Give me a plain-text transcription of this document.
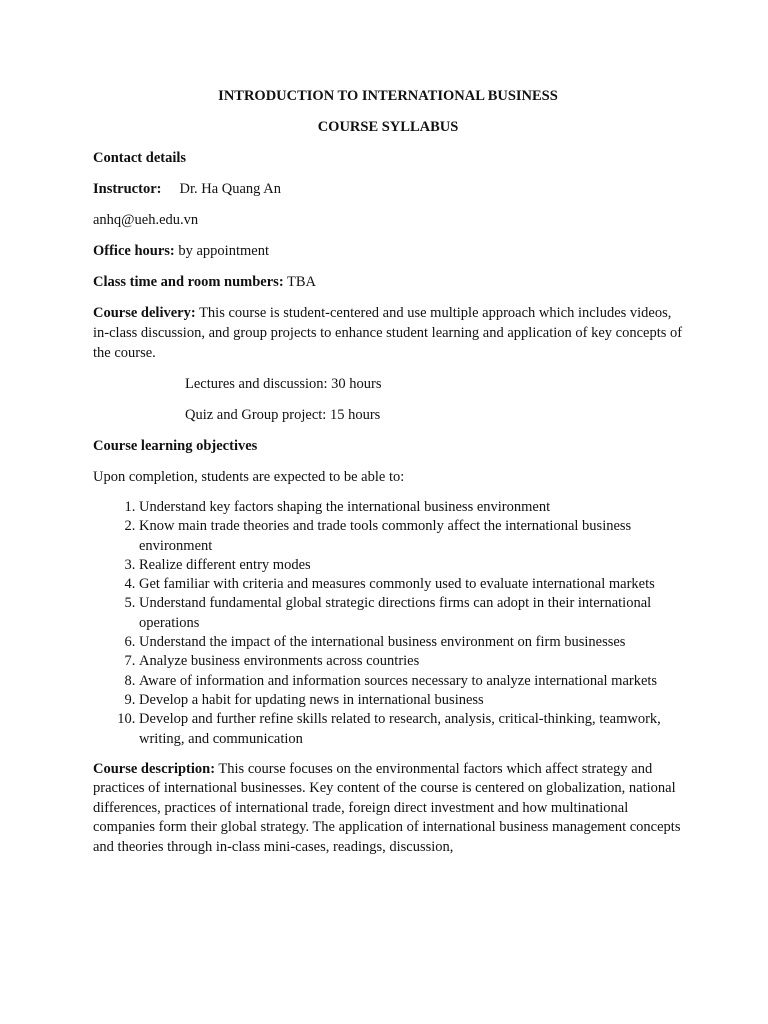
INTRODUCTION TO INTERNATIONAL BUSINESS

COURSE SYLLABUS

Contact details

Instructor: Dr. Ha Quang An

anhq@ueh.edu.vn

Office hours: by appointment

Class time and room numbers: TBA

Course delivery: This course is student-centered and use multiple approach which includes videos, in-class discussion, and group projects to enhance student learning and application of key concepts of the course.

Lectures and discussion: 30 hours

Quiz and Group project: 15 hours

Course learning objectives

Upon completion, students are expected to be able to:

1. Understand key factors shaping the international business environment
2. Know main trade theories and trade tools commonly affect the international business environment
3. Realize different entry modes
4. Get familiar with criteria and measures commonly used to evaluate international markets
5. Understand fundamental global strategic directions firms can adopt in their international operations
6. Understand the impact of the international business environment on firm businesses
7. Analyze business environments across countries
8. Aware of information and information sources necessary to analyze international markets
9. Develop a habit for updating news in international business
10. Develop and further refine skills related to research, analysis, critical-thinking, teamwork, writing, and communication

Course description: This course focuses on the environmental factors which affect strategy and practices of international businesses. Key content of the course is centered on globalization, national differences, practices of international trade, foreign direct investment and how multinational companies form their global strategy. The application of international business management concepts and theories through in-class mini-cases, readings, discussion,
